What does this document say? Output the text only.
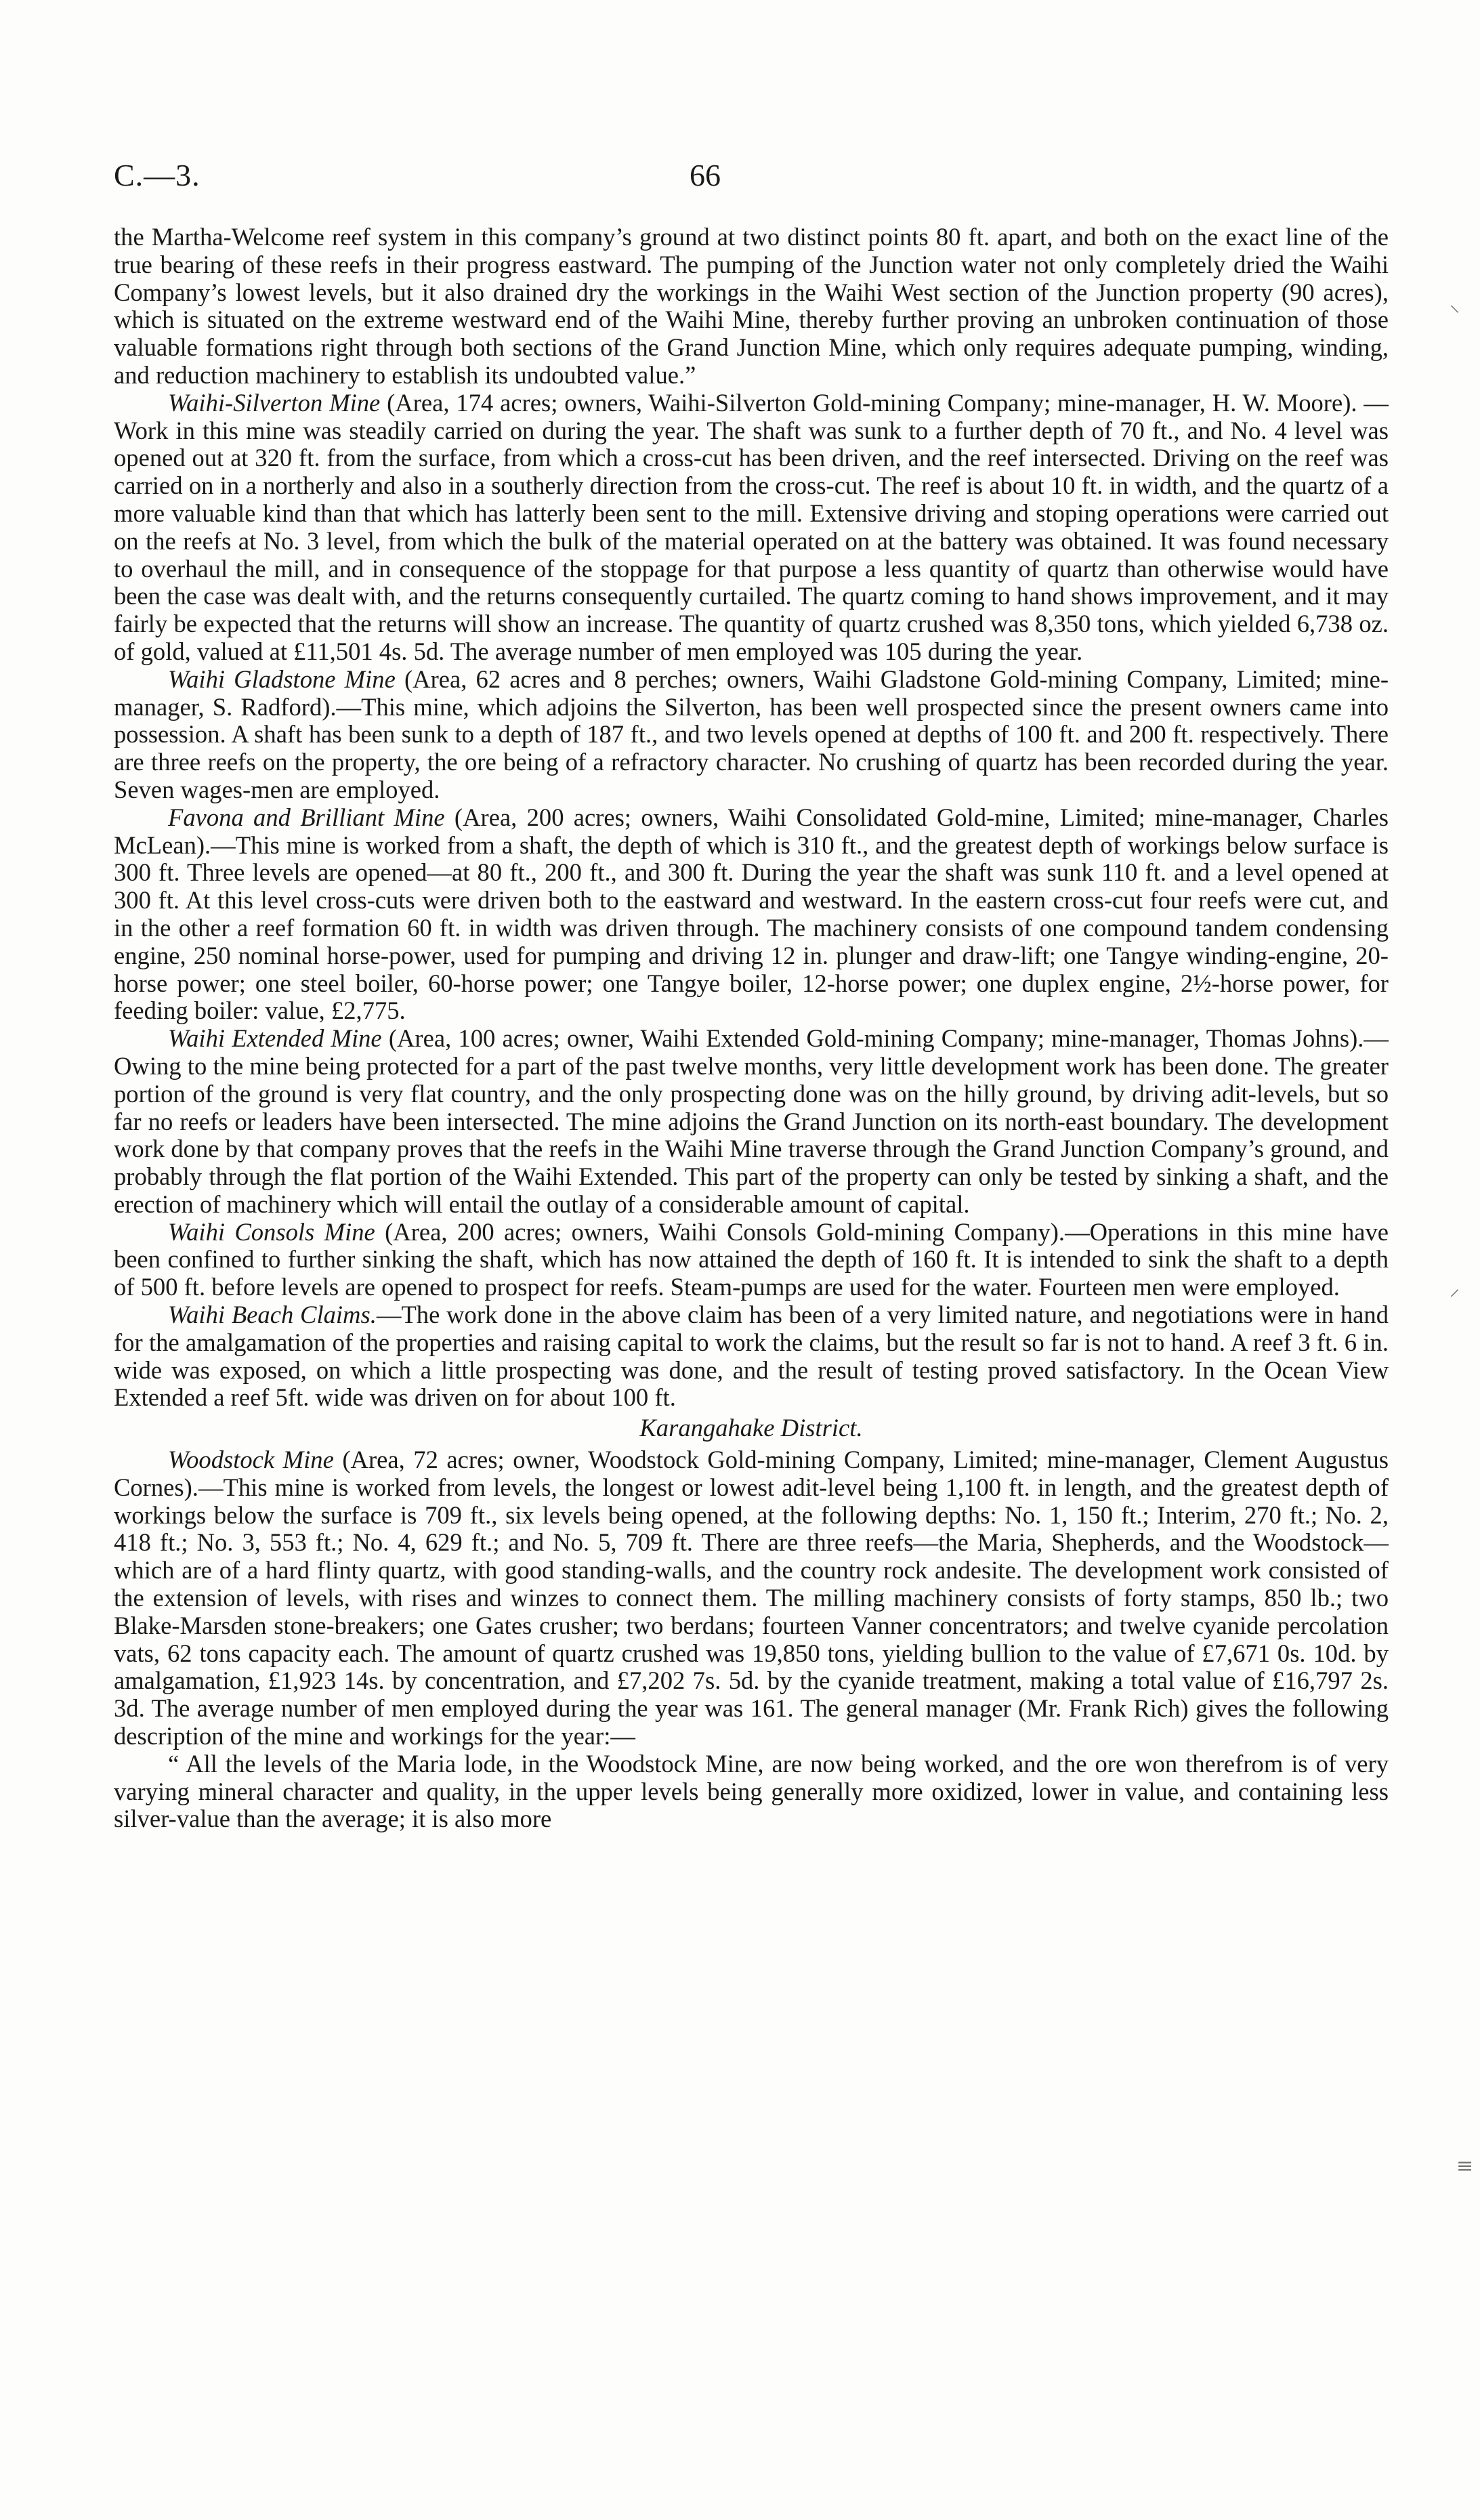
C.—3.	66

the Martha-Welcome reef system in this company’s ground at two distinct points 80 ft. apart, and both on the exact line of the true bearing of these reefs in their progress eastward. The pumping of the Junction water not only completely dried the Waihi Company’s lowest levels, but it also drained dry the workings in the Waihi West section of the Junction property (90 acres), which is situated on the extreme westward end of the Waihi Mine, thereby further proving an unbroken continuation of those valuable formations right through both sections of the Grand Junction Mine, which only requires adequate pumping, winding, and reduction machinery to establish its undoubted value.”

Waihi-Silverton Mine (Area, 174 acres; owners, Waihi-Silverton Gold-mining Company; mine-manager, H. W. Moore). — Work in this mine was steadily carried on during the year. The shaft was sunk to a further depth of 70 ft., and No. 4 level was opened out at 320 ft. from the surface, from which a cross-cut has been driven, and the reef intersected. Driving on the reef was carried on in a northerly and also in a southerly direction from the cross-cut. The reef is about 10 ft. in width, and the quartz of a more valuable kind than that which has latterly been sent to the mill. Extensive driving and stoping operations were carried out on the reefs at No. 3 level, from which the bulk of the material operated on at the battery was obtained. It was found necessary to overhaul the mill, and in consequence of the stoppage for that purpose a less quantity of quartz than otherwise would have been the case was dealt with, and the returns consequently curtailed. The quartz coming to hand shows improvement, and it may fairly be expected that the returns will show an increase. The quantity of quartz crushed was 8,350 tons, which yielded 6,738 oz. of gold, valued at £11,501 4s. 5d. The average number of men employed was 105 during the year.

Waihi Gladstone Mine (Area, 62 acres and 8 perches; owners, Waihi Gladstone Gold-mining Company, Limited; mine-manager, S. Radford).—This mine, which adjoins the Silverton, has been well prospected since the present owners came into possession. A shaft has been sunk to a depth of 187 ft., and two levels opened at depths of 100 ft. and 200 ft. respectively. There are three reefs on the property, the ore being of a refractory character. No crushing of quartz has been recorded during the year. Seven wages-men are employed.

Favona and Brilliant Mine (Area, 200 acres; owners, Waihi Consolidated Gold-mine, Limited; mine-manager, Charles McLean).—This mine is worked from a shaft, the depth of which is 310 ft., and the greatest depth of workings below surface is 300 ft. Three levels are opened—at 80 ft., 200 ft., and 300 ft. During the year the shaft was sunk 110 ft. and a level opened at 300 ft. At this level cross-cuts were driven both to the eastward and westward. In the eastern cross-cut four reefs were cut, and in the other a reef formation 60 ft. in width was driven through. The machinery consists of one compound tandem condensing engine, 250 nominal horse-power, used for pumping and driving 12 in. plunger and draw-lift; one Tangye winding-engine, 20-horse power; one steel boiler, 60-horse power; one Tangye boiler, 12-horse power; one duplex engine, 2½-horse power, for feeding boiler: value, £2,775.

Waihi Extended Mine (Area, 100 acres; owner, Waihi Extended Gold-mining Company; mine-manager, Thomas Johns).—Owing to the mine being protected for a part of the past twelve months, very little development work has been done. The greater portion of the ground is very flat country, and the only prospecting done was on the hilly ground, by driving adit-levels, but so far no reefs or leaders have been intersected. The mine adjoins the Grand Junction on its north-east boundary. The development work done by that company proves that the reefs in the Waihi Mine traverse through the Grand Junction Company’s ground, and probably through the flat portion of the Waihi Extended. This part of the property can only be tested by sinking a shaft, and the erection of machinery which will entail the outlay of a considerable amount of capital.

Waihi Consols Mine (Area, 200 acres; owners, Waihi Consols Gold-mining Company).—Operations in this mine have been confined to further sinking the shaft, which has now attained the depth of 160 ft. It is intended to sink the shaft to a depth of 500 ft. before levels are opened to prospect for reefs. Steam-pumps are used for the water. Fourteen men were employed.

Waihi Beach Claims.—The work done in the above claim has been of a very limited nature, and negotiations were in hand for the amalgamation of the properties and raising capital to work the claims, but the result so far is not to hand. A reef 3 ft. 6 in. wide was exposed, on which a little prospecting was done, and the result of testing proved satisfactory. In the Ocean View Extended a reef 5ft. wide was driven on for about 100 ft.

Karangahake District.

Woodstock Mine (Area, 72 acres; owner, Woodstock Gold-mining Company, Limited; mine-manager, Clement Augustus Cornes).—This mine is worked from levels, the longest or lowest adit-level being 1,100 ft. in length, and the greatest depth of workings below the surface is 709 ft., six levels being opened, at the following depths: No. 1, 150 ft.; Interim, 270 ft.; No. 2, 418 ft.; No. 3, 553 ft.; No. 4, 629 ft.; and No. 5, 709 ft. There are three reefs—the Maria, Shepherds, and the Woodstock—which are of a hard flinty quartz, with good standing-walls, and the country rock andesite. The development work consisted of the extension of levels, with rises and winzes to connect them. The milling machinery consists of forty stamps, 850 lb.; two Blake-Marsden stone-breakers; one Gates crusher; two berdans; fourteen Vanner concentrators; and twelve cyanide percolation vats, 62 tons capacity each. The amount of quartz crushed was 19,850 tons, yielding bullion to the value of £7,671 0s. 10d. by amalgamation, £1,923 14s. by concentration, and £7,202 7s. 5d. by the cyanide treatment, making a total value of £16,797 2s. 3d. The average number of men employed during the year was 161. The general manager (Mr. Frank Rich) gives the following description of the mine and workings for the year:—

“ All the levels of the Maria lode, in the Woodstock Mine, are now being worked, and the ore won therefrom is of very varying mineral character and quality, in the upper levels being generally more oxidized, lower in value, and containing less silver-value than the average; it is also more

⸌
⸝
≡
